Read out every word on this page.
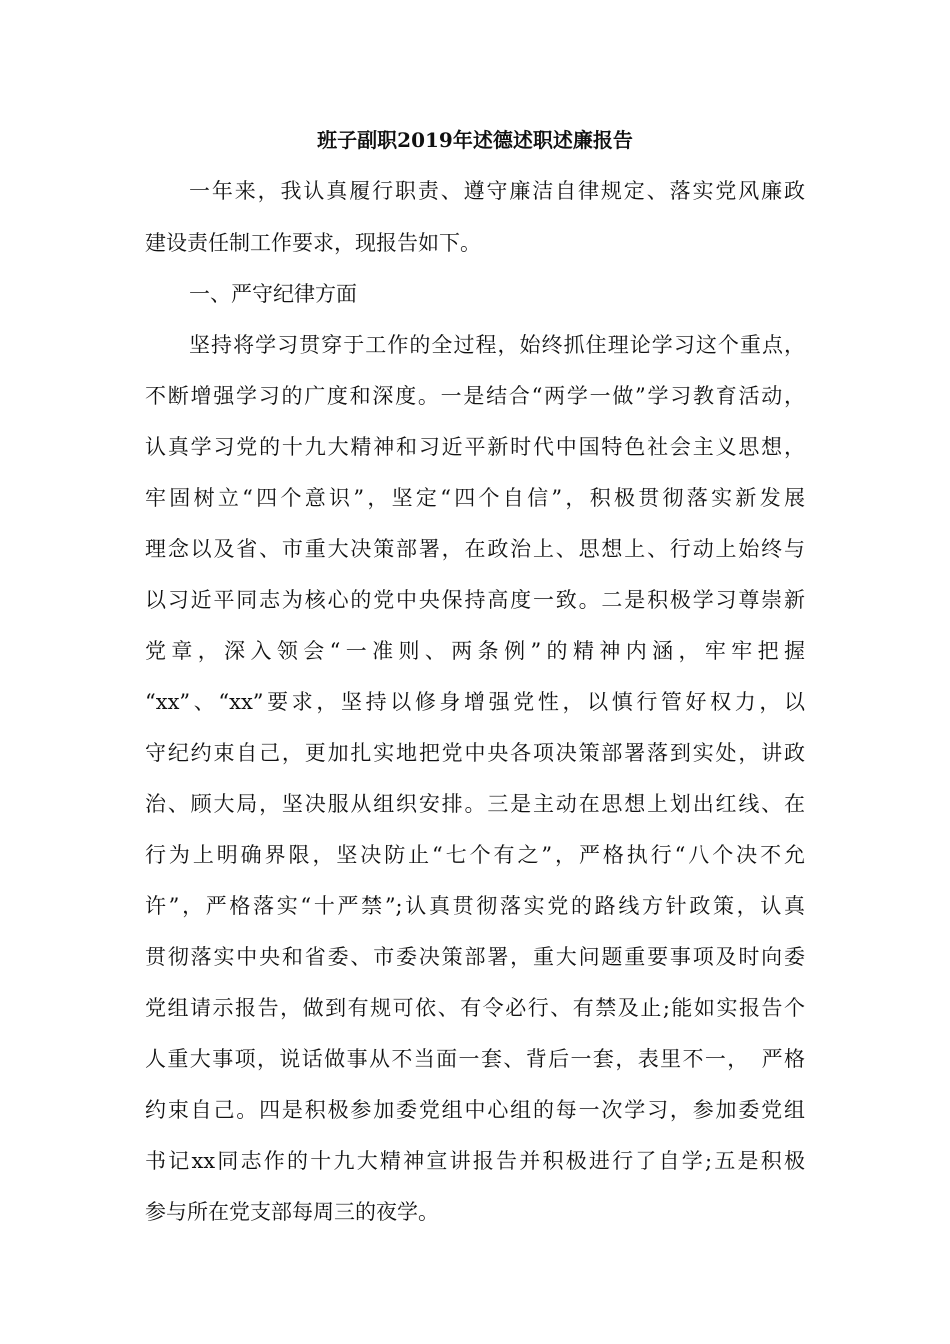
班子副职2019年述德述职述廉报告
一年来，我认真履行职责、遵守廉洁自律规定、落实党风廉政
建设责任制工作要求，现报告如下。
一、严守纪律方面
坚持将学习贯穿于工作的全过程，始终抓住理论学习这个重点，
不断增强学习的广度和深度。一是结合“两学一做”学习教育活动，
认真学习党的十九大精神和习近平新时代中国特色社会主义思想，
牢固树立“四个意识”，坚定“四个自信”，积极贯彻落实新发展
理念以及省、市重大决策部署，在政治上、思想上、行动上始终与
以习近平同志为核心的党中央保持高度一致。二是积极学习尊崇新
党章，深入领会“一准则、两条例”的精神内涵，牢牢把握
“xx”、“xx”要求，坚持以修身增强党性，以慎行管好权力，以
守纪约束自己，更加扎实地把党中央各项决策部署落到实处，讲政
治、顾大局，坚决服从组织安排。三是主动在思想上划出红线、在
行为上明确界限，坚决防止“七个有之”，严格执行“八个决不允
许”，严格落实“十严禁”;认真贯彻落实党的路线方针政策，认真
贯彻落实中央和省委、市委决策部署，重大问题重要事项及时向委
党组请示报告，做到有规可依、有令必行、有禁及止;能如实报告个
人重大事项，说话做事从不当面一套、背后一套，表里不一，　严格
约束自己。四是积极参加委党组中心组的每一次学习，参加委党组
书记xx同志作的十九大精神宣讲报告并积极进行了自学;五是积极
参与所在党支部每周三的夜学。
